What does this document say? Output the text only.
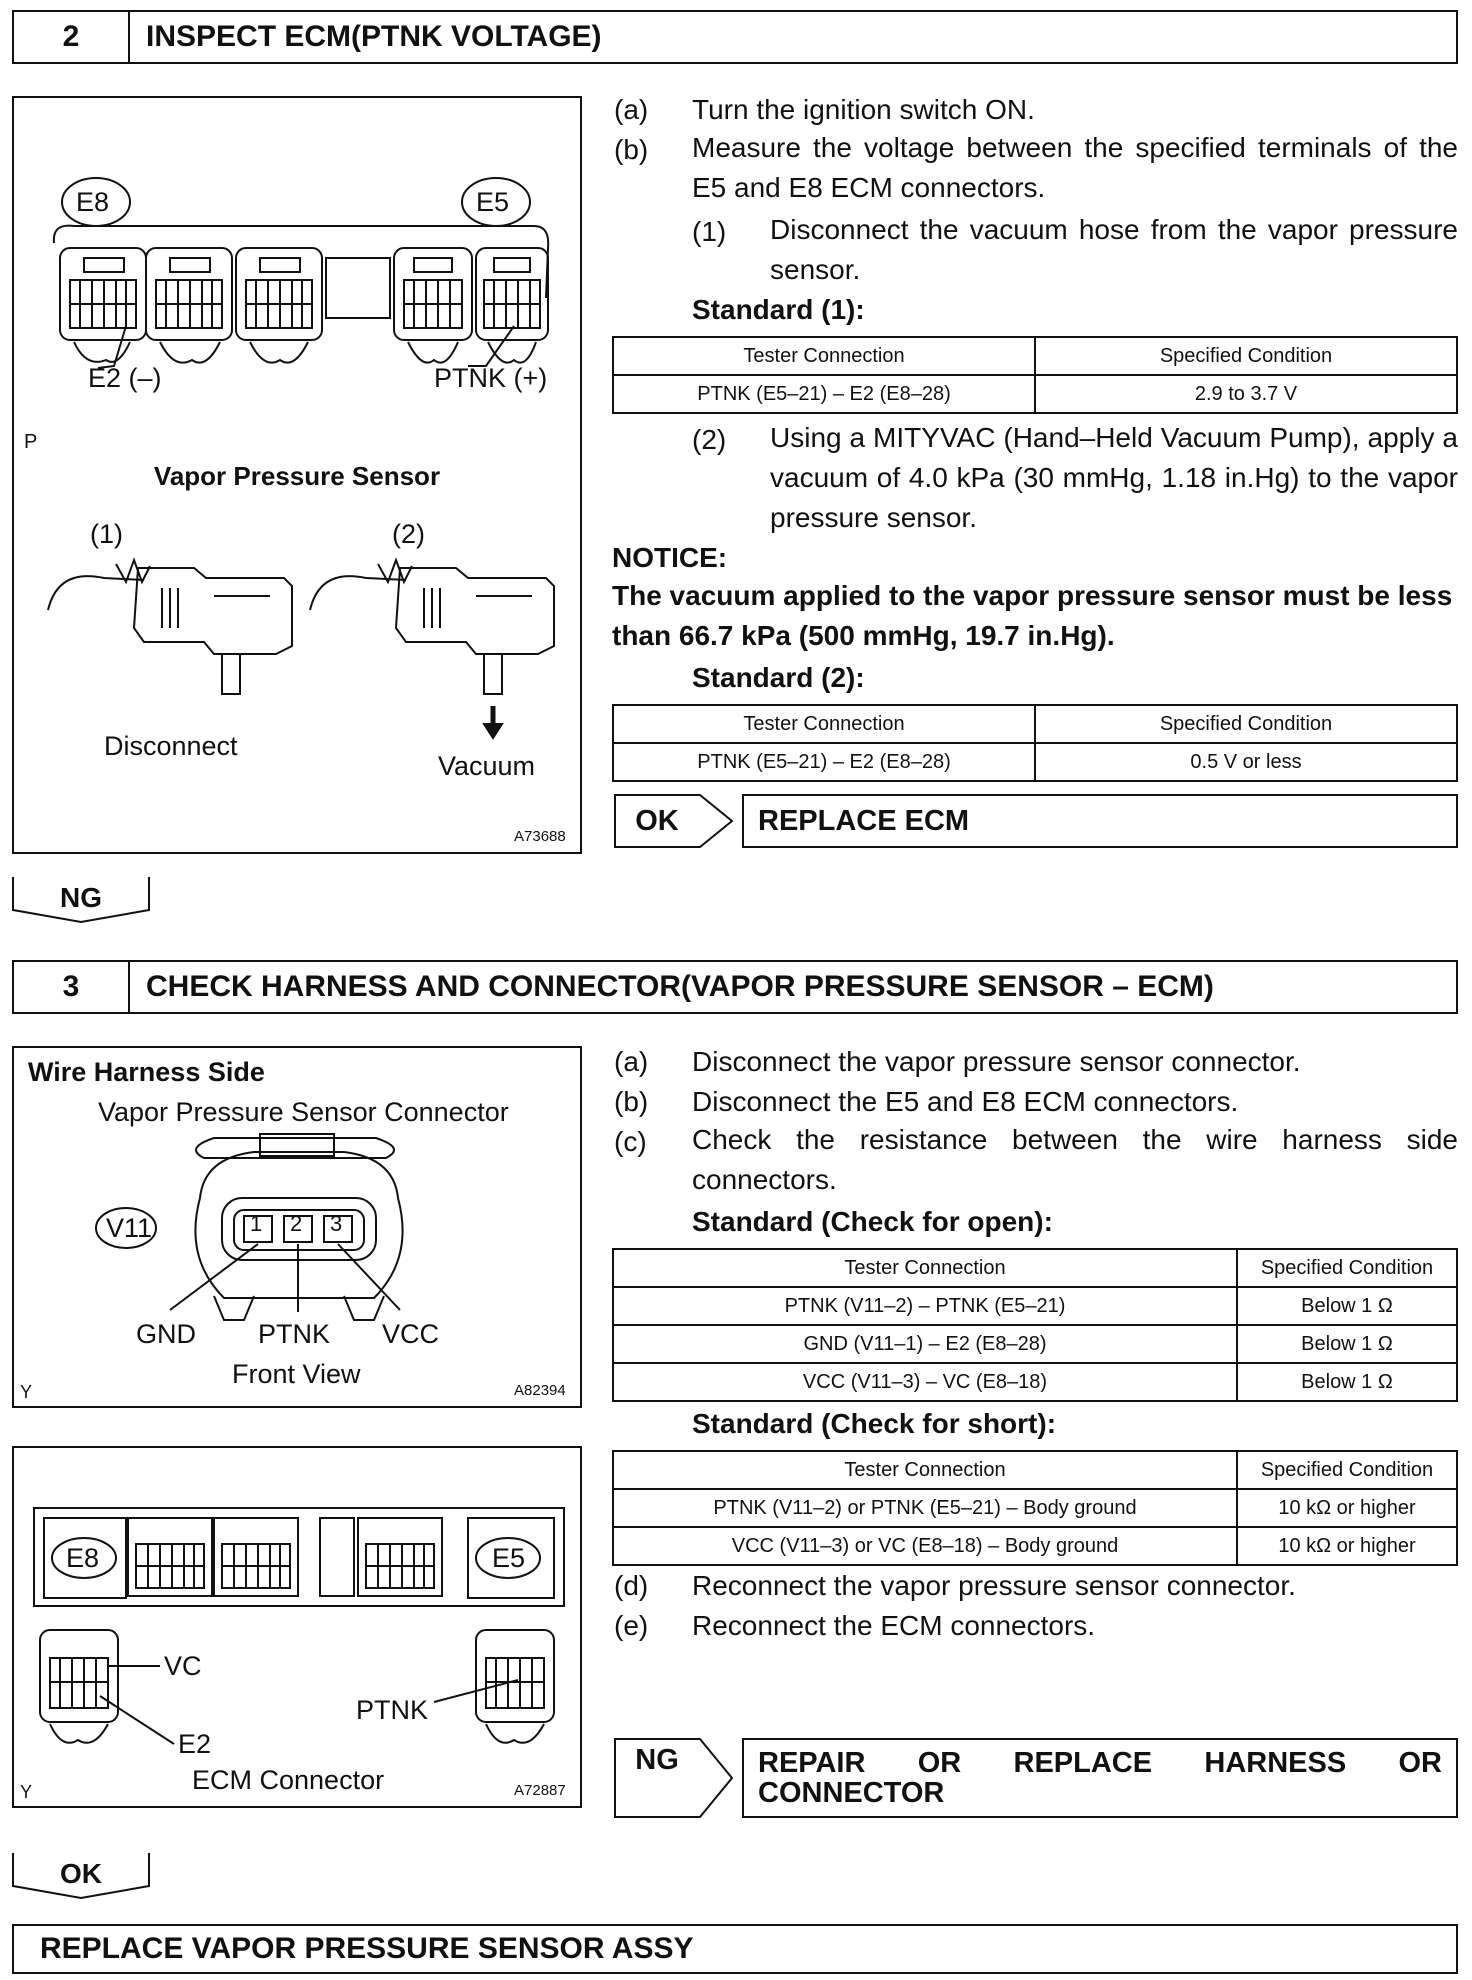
2	INSPECT ECM(PTNK VOLTAGE)
E8	E5
E2 (–)	PTNK (+)
P
Vapor Pressure Sensor
(1)	(2)
Disconnect
Vacuum
A73688
(a) Turn the ignition switch ON.
(b) Measure the voltage between the specified terminals of the E5 and E8 ECM connectors.
(1) Disconnect the vacuum hose from the vapor pressure sensor.
Standard (1):
Tester Connection	Specified Condition
PTNK (E5–21) – E2 (E8–28)	2.9 to 3.7 V
(2) Using a MITYVAC (Hand–Held Vacuum Pump), apply a vacuum of 4.0 kPa (30 mmHg, 1.18 in.Hg) to the vapor pressure sensor.
NOTICE:
The vacuum applied to the vapor pressure sensor must be less than 66.7 kPa (500 mmHg, 19.7 in.Hg).
Standard (2):
Tester Connection	Specified Condition
PTNK (E5–21) – E2 (E8–28)	0.5 V or less
OK	REPLACE ECM
NG
3	CHECK HARNESS AND CONNECTOR(VAPOR PRESSURE SENSOR – ECM)
Wire Harness Side
Vapor Pressure Sensor Connector
V11	1 2 3
GND PTNK VCC
Front View
Y	A82394
E8	E5
VC
E2
PTNK
ECM Connector
Y	A72887
(a) Disconnect the vapor pressure sensor connector.
(b) Disconnect the E5 and E8 ECM connectors.
(c) Check the resistance between the wire harness side connectors.
Standard (Check for open):
Tester Connection	Specified Condition
PTNK (V11–2) – PTNK (E5–21)	Below 1 Ω
GND (V11–1) – E2 (E8–28)	Below 1 Ω
VCC (V11–3) – VC (E8–18)	Below 1 Ω
Standard (Check for short):
Tester Connection	Specified Condition
PTNK (V11–2) or PTNK (E5–21) – Body ground	10 kΩ or higher
VCC (V11–3) or VC (E8–18) – Body ground	10 kΩ or higher
(d) Reconnect the vapor pressure sensor connector.
(e) Reconnect the ECM connectors.
NG	REPAIR OR REPLACE HARNESS OR CONNECTOR
OK
REPLACE VAPOR PRESSURE SENSOR ASSY
